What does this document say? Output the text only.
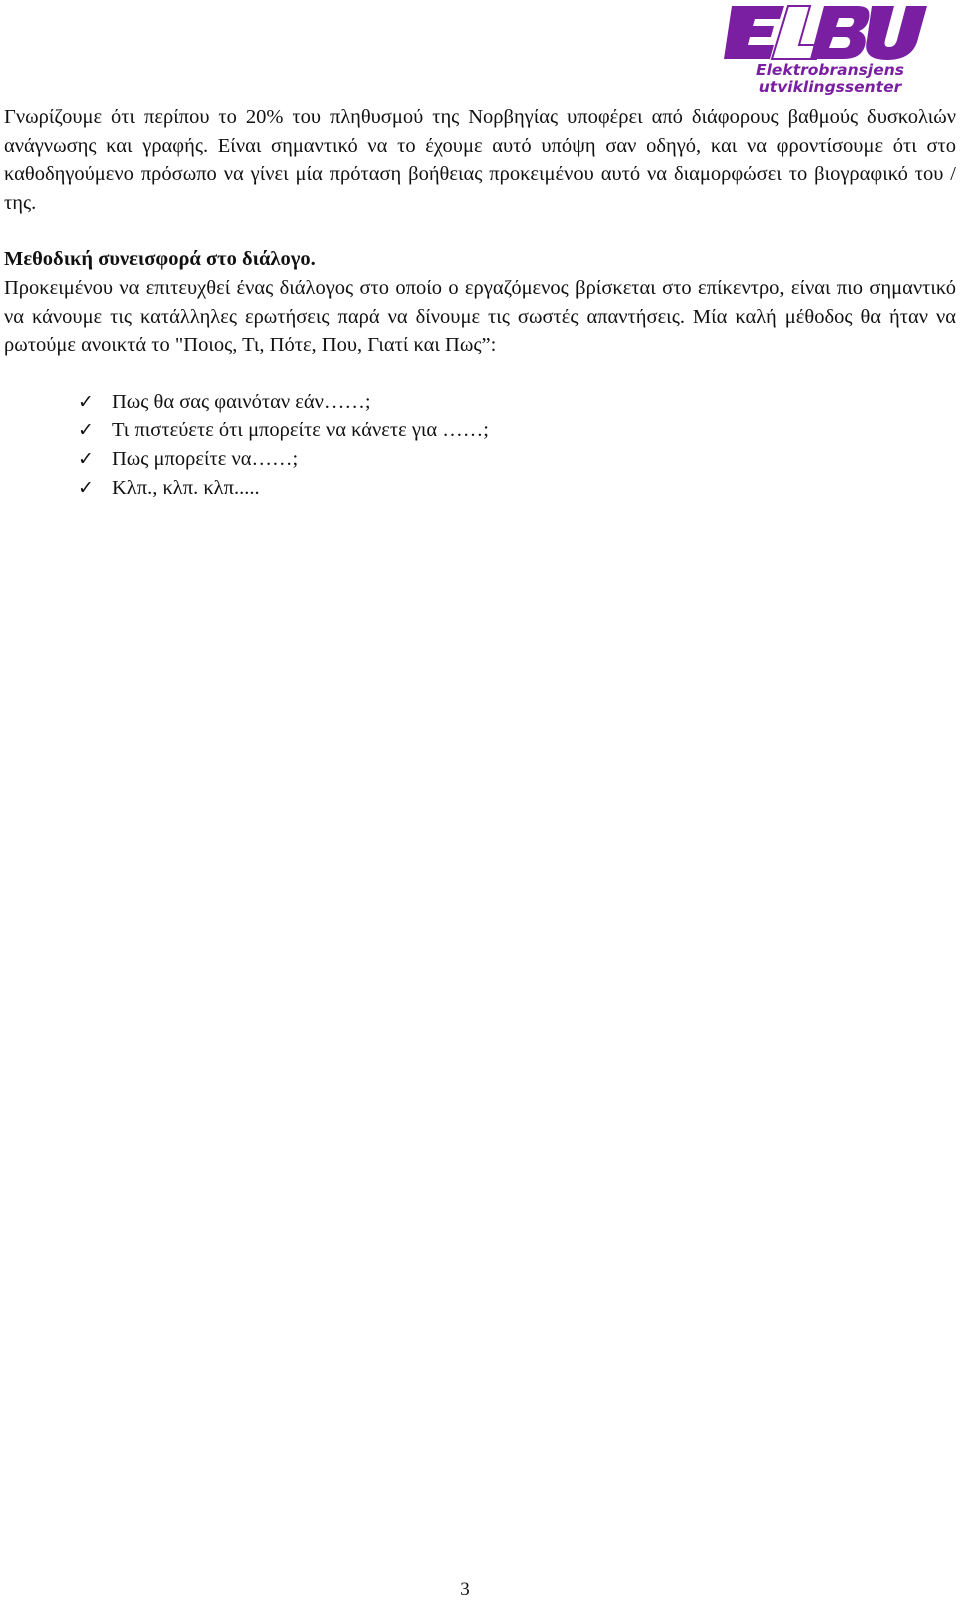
Elektrobransjens
utviklingssenter

Γνωρίζουμε ότι περίπου το 20% του πληθυσμού της Νορβηγίας υποφέρει από διάφορους βαθμούς δυσκολιών ανάγνωσης και γραφής. Είναι σημαντικό να το έχουμε αυτό υπόψη σαν οδηγό, και να φροντίσουμε ότι στο καθοδηγούμενο πρόσωπο να γίνει μία πρόταση βοήθειας προκειμένου αυτό να διαμορφώσει το βιογραφικό του / της.

Μεθοδική συνεισφορά στο διάλογο.

Προκειμένου να επιτευχθεί ένας διάλογος στο οποίο ο εργαζόμενος βρίσκεται στο επίκεντρο, είναι πιο σημαντικό να κάνουμε τις κατάλληλες ερωτήσεις παρά να δίνουμε τις σωστές απαντήσεις. Μία καλή μέθοδος θα ήταν να ρωτούμε ανοικτά το "Ποιος, Τι, Πότε, Που, Γιατί και Πως”:

✓ Πως θα σας φαινόταν εάν……;
✓ Τι πιστεύετε ότι μπορείτε να κάνετε για ……;
✓ Πως μπορείτε να……;
✓ Κλπ., κλπ. κλπ.....
3
